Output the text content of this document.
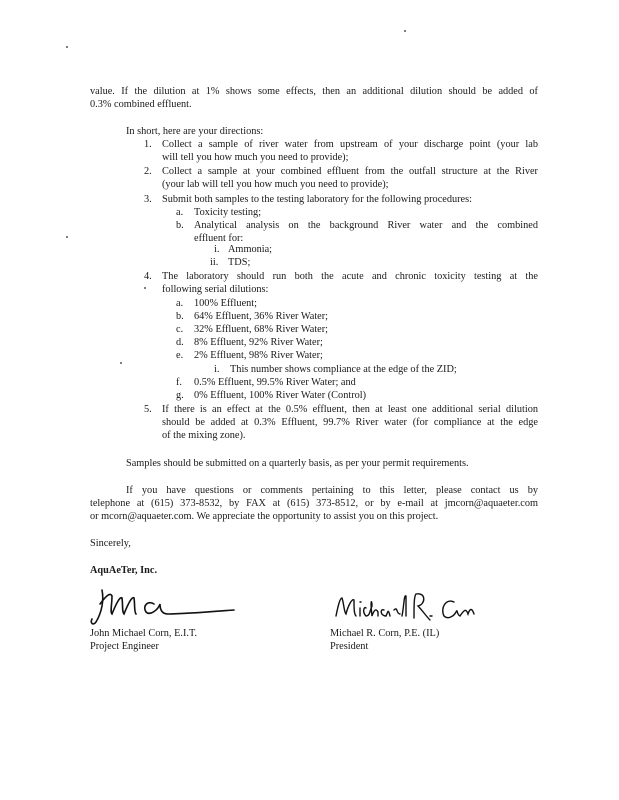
value. If the dilution at 1% shows some effects, then an additional dilution should be added of
0.3% combined effluent.
In short, here are your directions:
1. Collect a sample of river water from upstream of your discharge point (your lab
will tell you how much you need to provide);
2. Collect a sample at your combined effluent from the outfall structure at the River
(your lab will tell you how much you need to provide);
3. Submit both samples to the testing laboratory for the following procedures:
a. Toxicity testing;
b. Analytical analysis on the background River water and the combined
effluent for:
i. Ammonia;
ii. TDS;
4. The laboratory should run both the acute and chronic toxicity testing at the
following serial dilutions:
a. 100% Effluent;
b. 64% Effluent, 36% River Water;
c. 32% Effluent, 68% River Water;
d. 8% Effluent, 92% River Water;
e. 2% Effluent, 98% River Water;
i. This number shows compliance at the edge of the ZID;
f. 0.5% Effluent, 99.5% River Water; and
g. 0% Effluent, 100% River Water (Control)
5. If there is an effect at the 0.5% effluent, then at least one additional serial dilution
should be added at 0.3% Effluent, 99.7% River water (for compliance at the edge
of the mixing zone).
Samples should be submitted on a quarterly basis, as per your permit requirements.
If you have questions or comments pertaining to this letter, please contact us by
telephone at (615) 373-8532, by FAX at (615) 373-8512, or by e-mail at jmcorn@aquaeter.com
or mcorn@aquaeter.com. We appreciate the opportunity to assist you on this project.
Sincerely,
AquAeTer, Inc.
John Michael Corn, E.I.T.
Project Engineer
Michael R. Corn, P.E. (IL)
President
